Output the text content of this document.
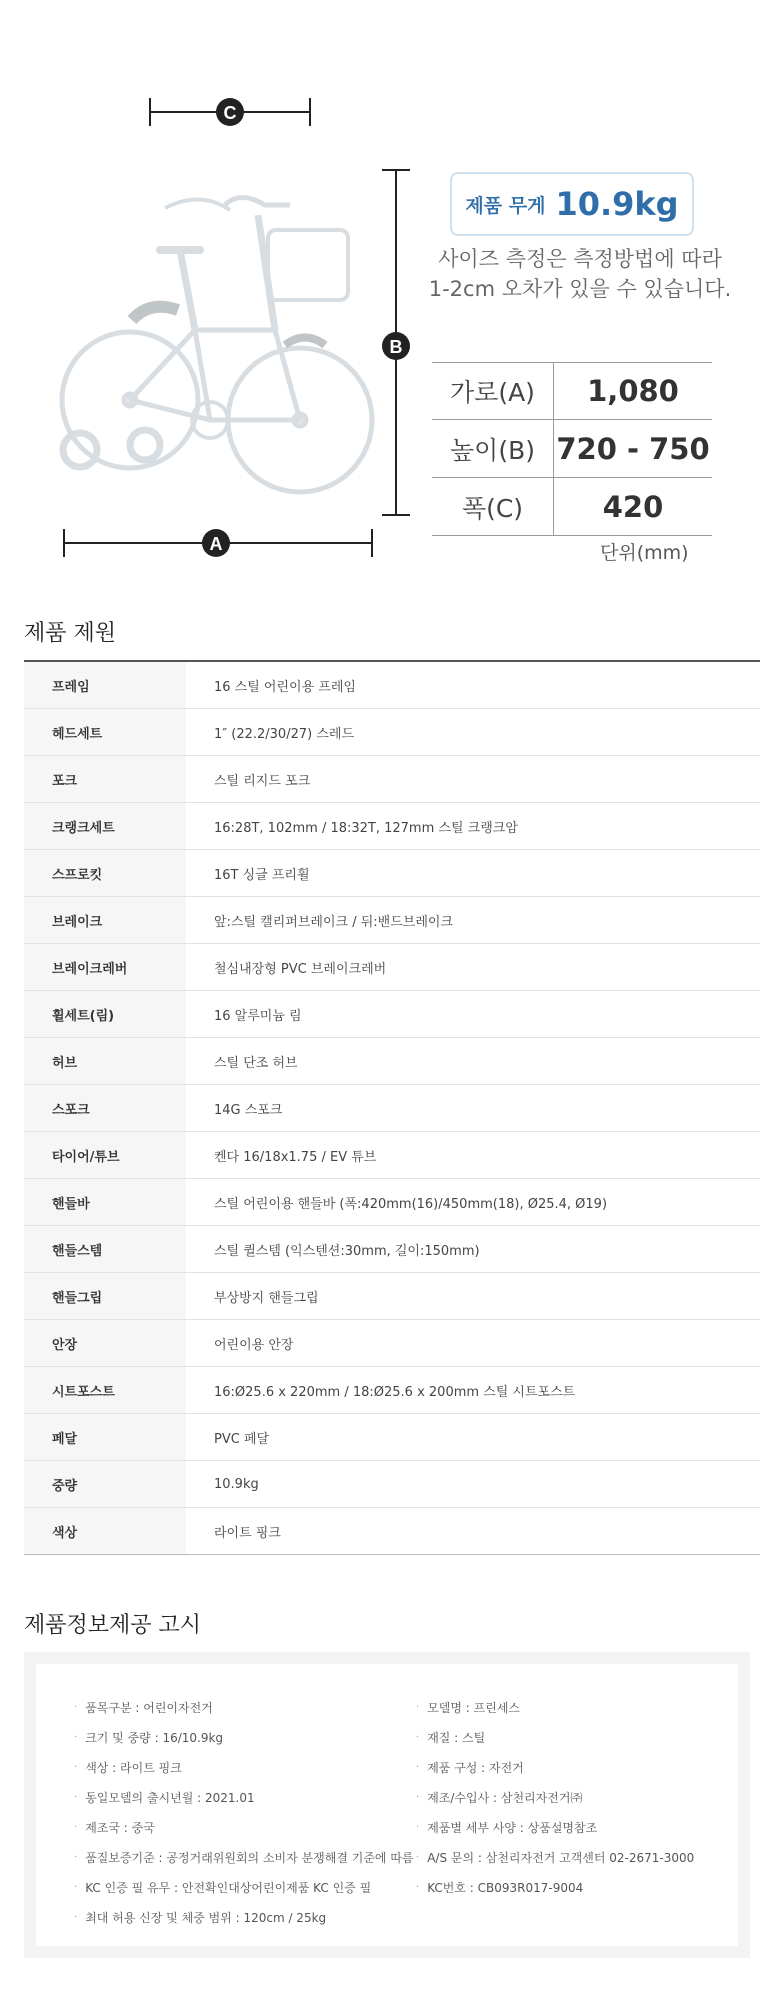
C
B
A
제품 무게 10.9kg
사이즈 측정은 측정방법에 따라
1-2cm 오차가 있을 수 있습니다.
가로(A)	1,080
높이(B) 720 - 750
폭(C)	420
단위(mm)
제품 제원
프레임	16 스틸 어린이용 프레임
헤드세트	1″ (22.2/30/27) 스레드
포크	스틸 리지드 포크
크랭크세트	16:28T, 102mm / 18:32T, 127mm 스틸 크랭크암
스프로킷	16T 싱글 프리휠
브레이크	앞:스틸 캘리퍼브레이크 / 뒤:밴드브레이크
브레이크레버	철심내장형 PVC 브레이크레버
휠세트(림)	16 알루미늄 림
허브	스틸 단조 허브
스포크	14G 스포크
타이어/튜브	켄다 16/18x1.75 / EV 튜브
핸들바	스틸 어린이용 핸들바 (폭:420mm(16)/450mm(18), Ø25.4, Ø19)
핸들스템	스틸 퀼스템 (익스텐션:30mm, 길이:150mm)
핸들그립	부상방지 핸들그립
안장	어린이용 안장
시트포스트	16:Ø25.6 x 220mm / 18:Ø25.6 x 200mm 스틸 시트포스트
페달	PVC 페달
중량	10.9kg
색상	라이트 핑크
제품정보제공 고시
· 품목구분 : 어린이자전거
· 크기 및 중량 : 16/10.9kg
· 색상 : 라이트 핑크
· 동일모델의 출시년월 : 2021.01
· 제조국 : 중국
· 품질보증기준 : 공정거래위원회의 소비자 분쟁해결 기준에 따름
· KC 인증 필 유무 : 안전확인대상어린이제품 KC 인증 필
· 최대 허용 신장 및 체중 범위 : 120cm / 25kg
· 모델명 : 프린세스
· 재질 : 스틸
· 제품 구성 : 자전거
· 제조/수입사 : 삼천리자전거㈜
· 제품별 세부 사양 : 상품설명참조
· A/S 문의 : 삼천리자전거 고객센터 02-2671-3000
· KC번호 : CB093R017-9004
